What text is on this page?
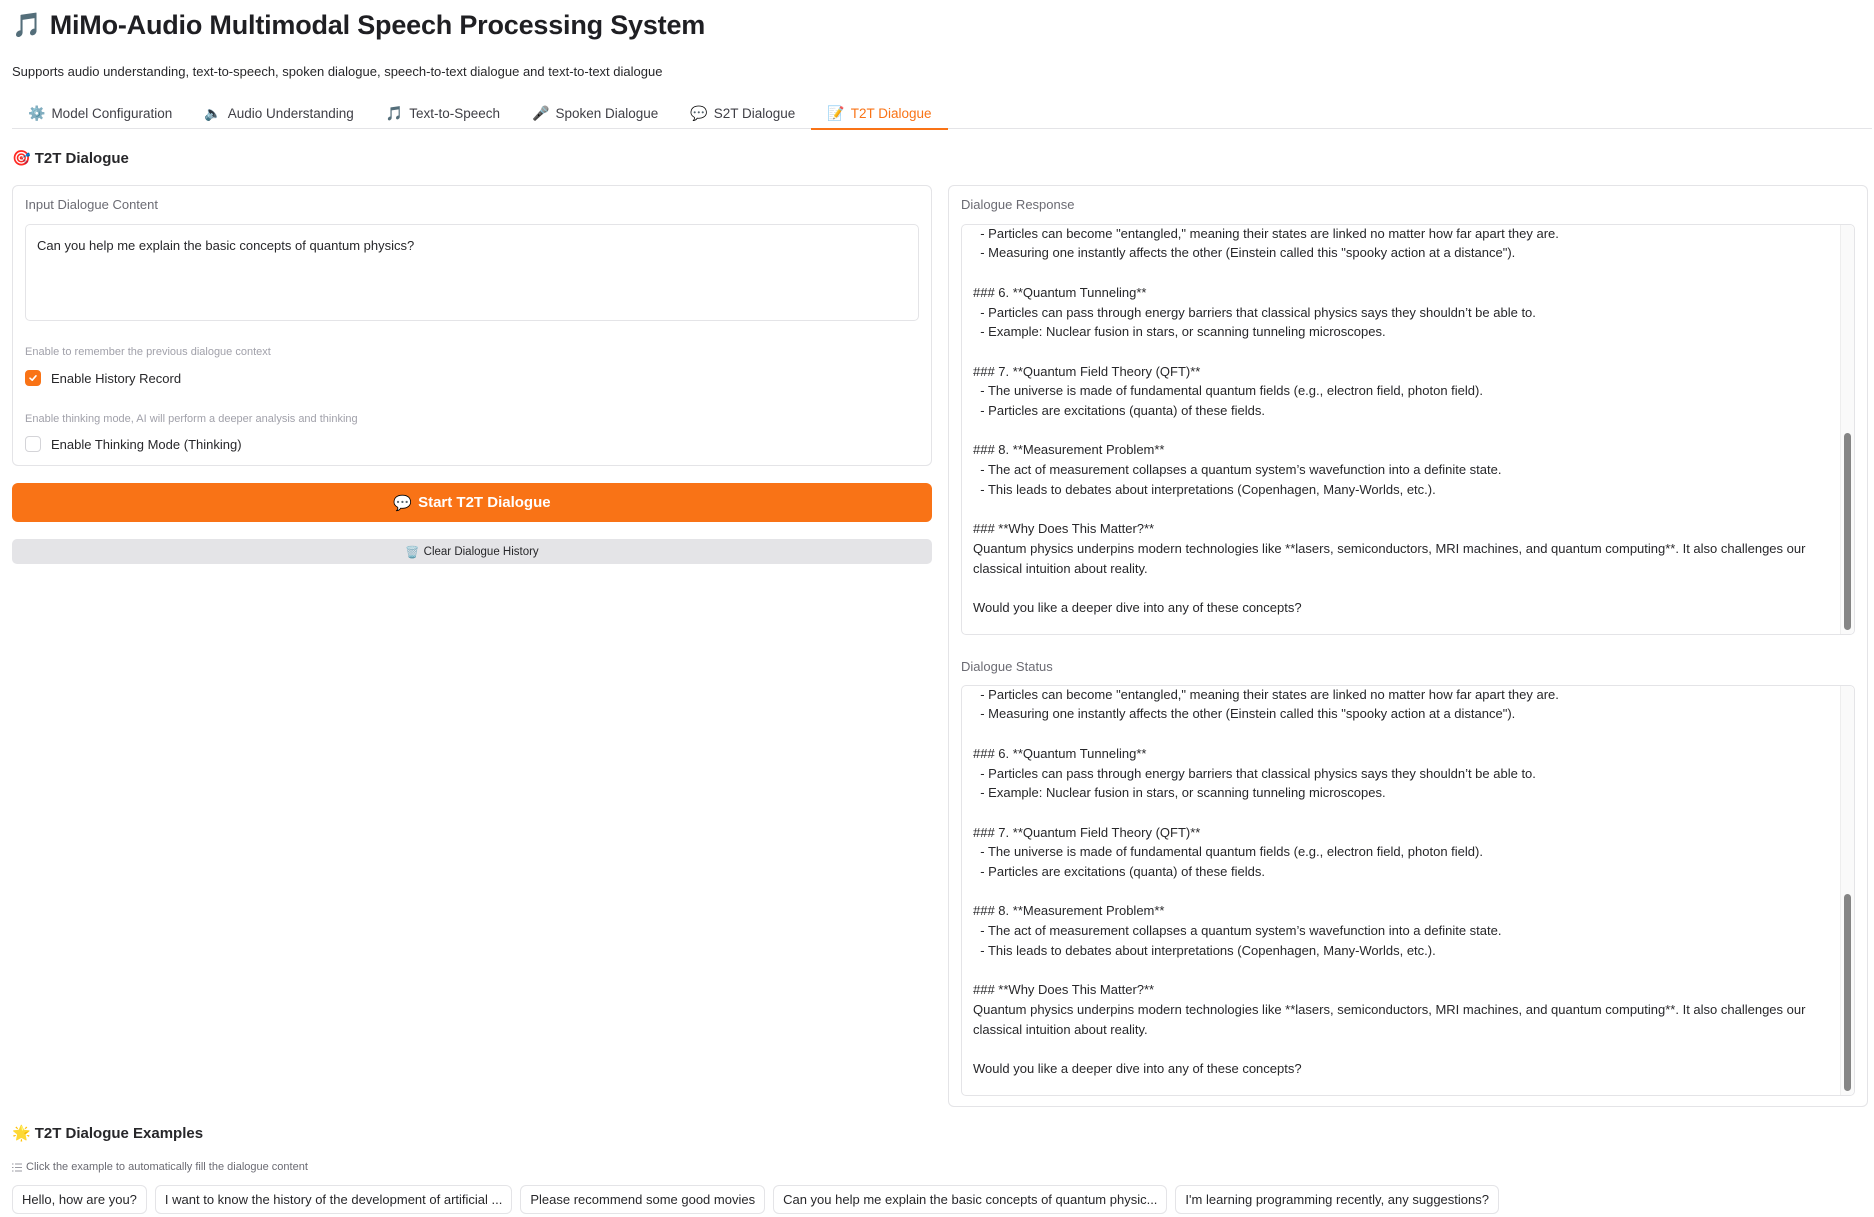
🎵 MiMo-Audio Multimodal Speech Processing System
Supports audio understanding, text-to-speech, spoken dialogue, speech-to-text dialogue and text-to-text dialogue
⚙️ Model Configuration 🔈 Audio Understanding 🎵 Text-to-Speech 🎤 Spoken Dialogue 💬 S2T Dialogue 📝 T2T Dialogue
🎯 T2T Dialogue
Input Dialogue Content
Can you help me explain the basic concepts of quantum physics?
Enable to remember the previous dialogue context
Enable History Record
Enable thinking mode, AI will perform a deeper analysis and thinking
Enable Thinking Mode (Thinking)
💬 Start T2T Dialogue
🗑️ Clear Dialogue History
Dialogue Response

- Particles can become "entangled," meaning their states are linked no matter how far apart they are.
- Measuring one instantly affects the other (Einstein called this "spooky action at a distance").

### 6. **Quantum Tunneling**
- Particles can pass through energy barriers that classical physics says they shouldn’t be able to.
- Example: Nuclear fusion in stars, or scanning tunneling microscopes.

### 7. **Quantum Field Theory (QFT)**
- The universe is made of fundamental quantum fields (e.g., electron field, photon field).
- Particles are excitations (quanta) of these fields.

### 8. **Measurement Problem**
- The act of measurement collapses a quantum system’s wavefunction into a definite state.
- This leads to debates about interpretations (Copenhagen, Many-Worlds, etc.).

### **Why Does This Matter?**
Quantum physics underpins modern technologies like **lasers, semiconductors, MRI machines, and quantum computing**. It also challenges our classical intuition about reality.

Would you like a deeper dive into any of these concepts?
Dialogue Status

- Particles can become "entangled," meaning their states are linked no matter how far apart they are.
- Measuring one instantly affects the other (Einstein called this "spooky action at a distance").

### 6. **Quantum Tunneling**
- Particles can pass through energy barriers that classical physics says they shouldn’t be able to.
- Example: Nuclear fusion in stars, or scanning tunneling microscopes.

### 7. **Quantum Field Theory (QFT)**
- The universe is made of fundamental quantum fields (e.g., electron field, photon field).
- Particles are excitations (quanta) of these fields.

### 8. **Measurement Problem**
- The act of measurement collapses a quantum system’s wavefunction into a definite state.
- This leads to debates about interpretations (Copenhagen, Many-Worlds, etc.).

### **Why Does This Matter?**
Quantum physics underpins modern technologies like **lasers, semiconductors, MRI machines, and quantum computing**. It also challenges our classical intuition about reality.

Would you like a deeper dive into any of these concepts?
🌟 T2T Dialogue Examples
Click the example to automatically fill the dialogue content
Hello, how are you?	I want to know the history of the development of artificial ...	Please recommend some good movies	Can you help me explain the basic concepts of quantum physic...	I'm learning programming recently, any suggestions?
